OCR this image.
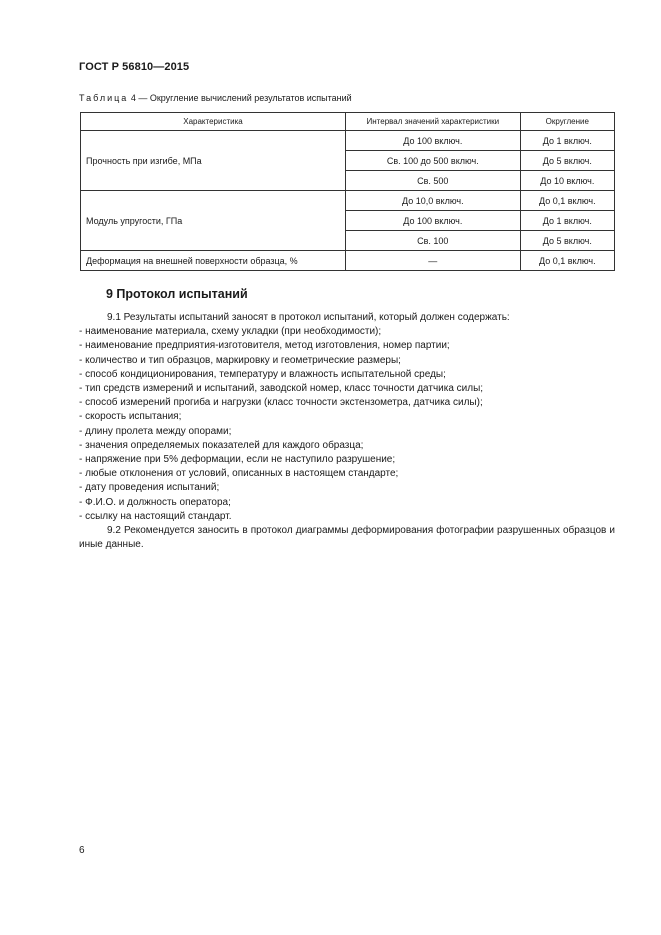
ГОСТ Р 56810—2015
Таблица 4 — Округление вычислений результатов испытаний
Характеристика	Интервал значений характеристики	Округление
Прочность при изгибе, МПа	До 100 включ.	До 1 включ.
	Св. 100 до 500 включ.	До 5 включ.
	Св. 500	До 10 включ.
Модуль упругости, ГПа	До 10,0 включ.	До 0,1 включ.
	До 100 включ.	До 1 включ.
	Св. 100	До 5 включ.
Деформация на внешней поверхности образца, %	—	До 0,1 включ.
9 Протокол испытаний
9.1 Результаты испытаний заносят в протокол испытаний, который должен содержать:
- наименование материала, схему укладки (при необходимости);
- наименование предприятия-изготовителя, метод изготовления, номер партии;
- количество и тип образцов, маркировку и геометрические размеры;
- способ кондиционирования, температуру и влажность испытательной среды;
- тип средств измерений и испытаний, заводской номер, класс точности датчика силы;
- способ измерений прогиба и нагрузки (класс точности экстензометра, датчика силы);
- скорость испытания;
- длину пролета между опорами;
- значения определяемых показателей для каждого образца;
- напряжение при 5% деформации, если не наступило разрушение;
- любые отклонения от условий, описанных в настоящем стандарте;
- дату проведения испытаний;
- Ф.И.О. и должность оператора;
- ссылку на настоящий стандарт.
9.2 Рекомендуется заносить в протокол диаграммы деформирования фотографии разрушенных образцов и иные данные.
6
